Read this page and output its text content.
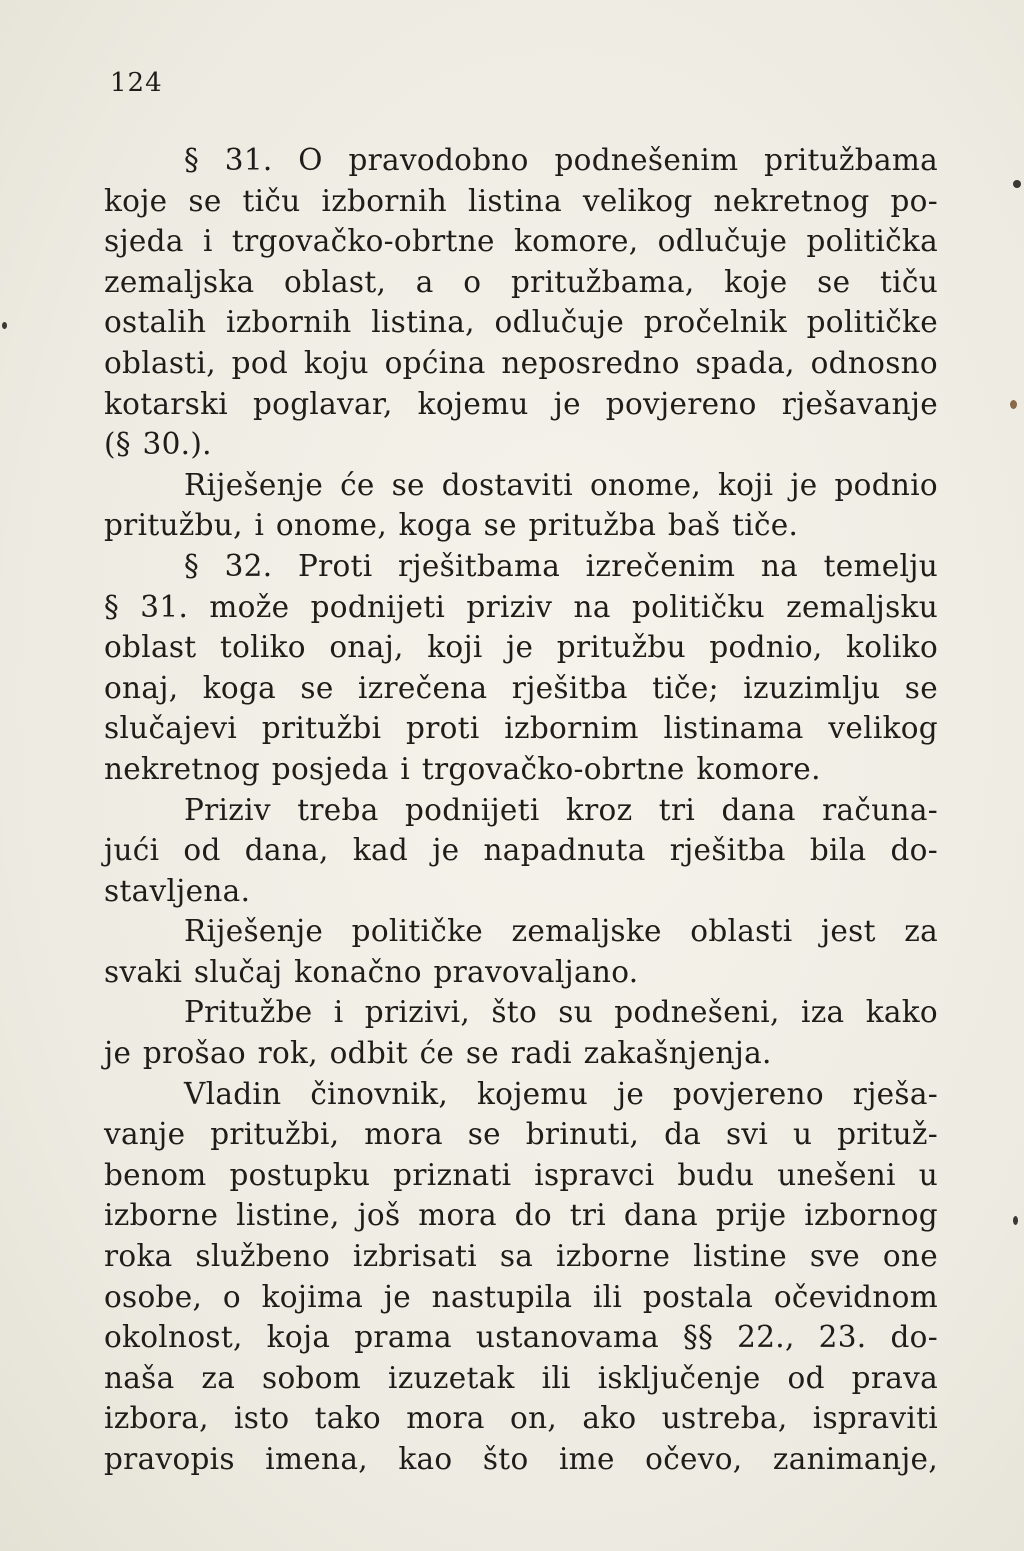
124
§ 31. O pravodobno podnešenim pritužbama
koje se tiču izbornih listina velikog nekretnog po-
sjeda i trgovačko-obrtne komore, odlučuje politička
zemaljska oblast, a o pritužbama, koje se tiču
ostalih izbornih listina, odlučuje pročelnik političke
oblasti, pod koju općina neposredno spada, odnosno
kotarski poglavar, kojemu je povjereno rješavanje
(§ 30.).
Riješenje će se dostaviti onome, koji je podnio
pritužbu, i onome, koga se pritužba baš tiče.
§ 32. Proti rješitbama izrečenim na temelju
§ 31. može podnijeti priziv na političku zemaljsku
oblast toliko onaj, koji je pritužbu podnio, koliko
onaj, koga se izrečena rješitba tiče; izuzimlju se
slučajevi pritužbi proti izbornim listinama velikog
nekretnog posjeda i trgovačko-obrtne komore.
Priziv treba podnijeti kroz tri dana računa-
jući od dana, kad je napadnuta rješitba bila do-
stavljena.
Riješenje političke zemaljske oblasti jest za
svaki slučaj konačno pravovaljano.
Pritužbe i prizivi, što su podnešeni, iza kako
je prošao rok, odbit će se radi zakašnjenja.
Vladin činovnik, kojemu je povjereno rješa-
vanje pritužbi, mora se brinuti, da svi u prituž-
benom postupku priznati ispravci budu unešeni u
izborne listine, još mora do tri dana prije izbornog
roka službeno izbrisati sa izborne listine sve one
osobe, o kojima je nastupila ili postala očevidnom
okolnost, koja prama ustanovama §§ 22., 23. do-
naša za sobom izuzetak ili isključenje od prava
izbora, isto tako mora on, ako ustreba, ispraviti
pravopis imena, kao što ime očevo, zanimanje,
